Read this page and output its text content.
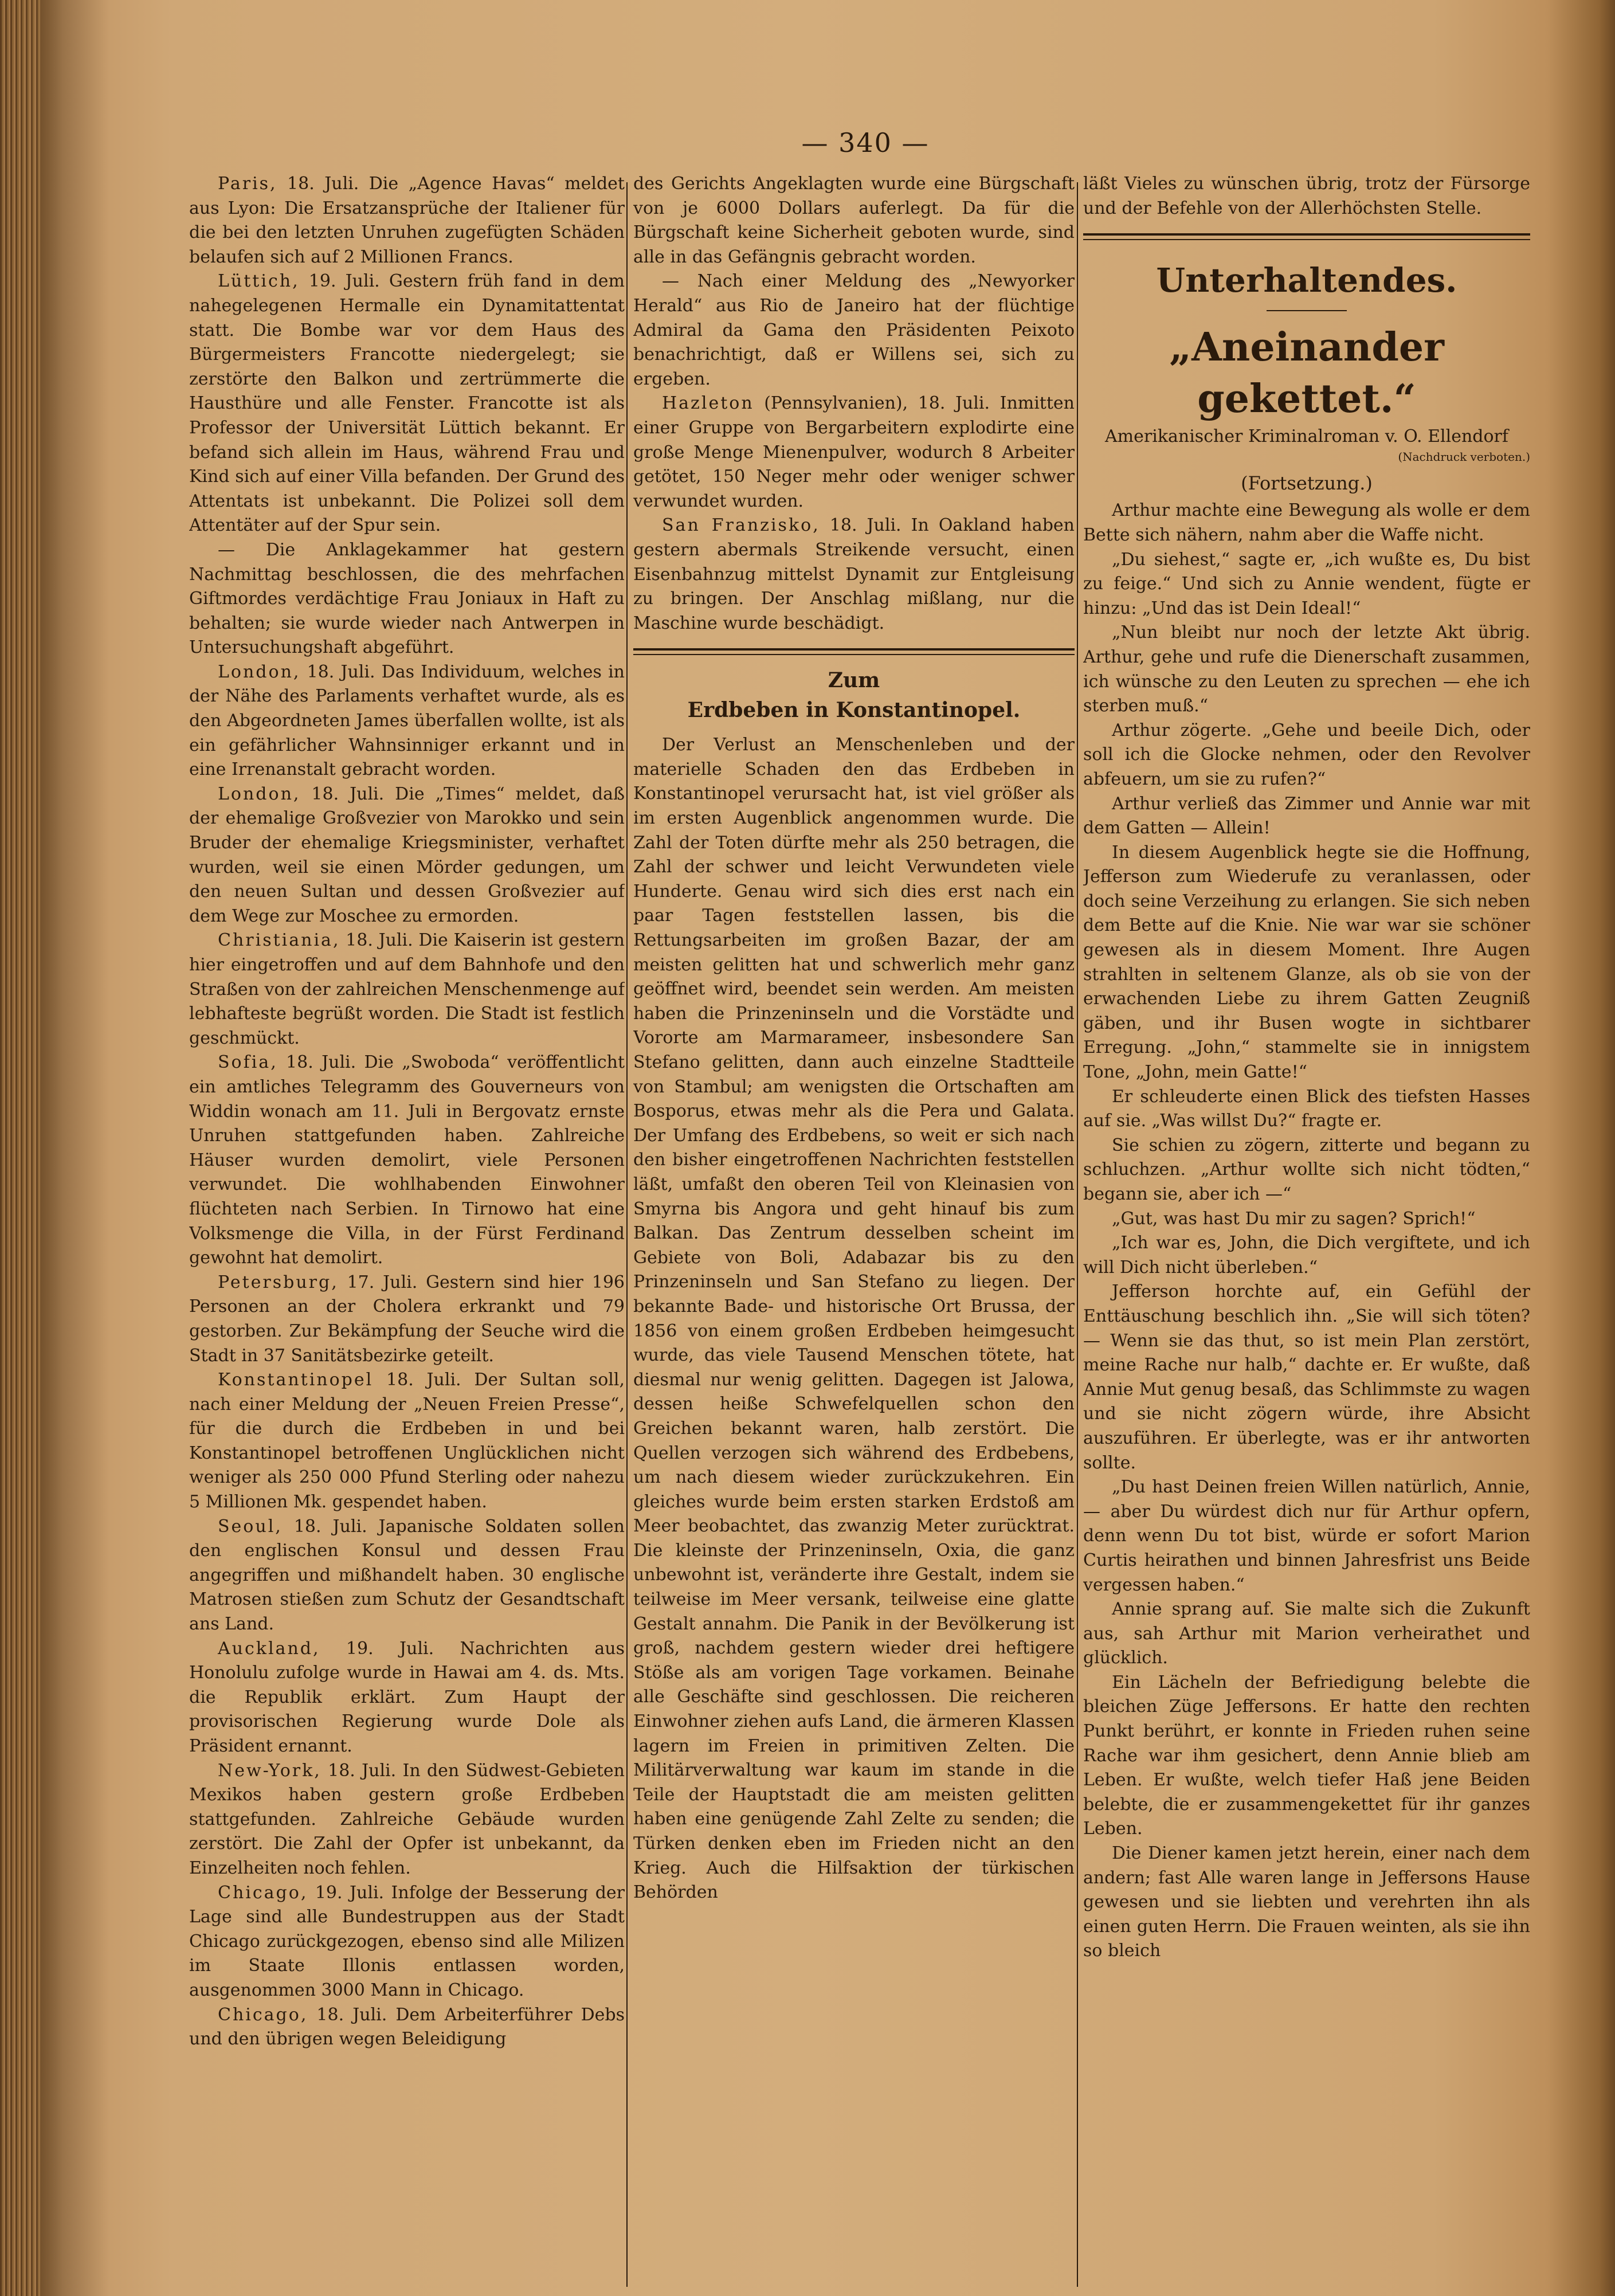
— 340 —

Paris, 18. Juli. Die „Agence Havas“ meldet aus Lyon: Die Ersatzansprüche der Italiener für die bei den letzten Unruhen zugefügten Schäden belaufen sich auf 2 Millionen Francs.

Lüttich, 19. Juli. Gestern früh fand in dem nahegelegenen Hermalle ein Dynamitattentat statt. Die Bombe war vor dem Haus des Bürgermeisters Francotte niedergelegt; sie zerstörte den Balkon und zertrümmerte die Hausthüre und alle Fenster. Francotte ist als Professor der Universität Lüttich bekannt. Er befand sich allein im Haus, während Frau und Kind sich auf einer Villa befanden. Der Grund des Attentats ist unbekannt. Die Polizei soll dem Attentäter auf der Spur sein.

— Die Anklagekammer hat gestern Nachmittag beschlossen, die des mehrfachen Giftmordes verdächtige Frau Joniaux in Haft zu behalten; sie wurde wieder nach Antwerpen in Untersuchungshaft abgeführt.

London, 18. Juli. Das Individuum, welches in der Nähe des Parlaments verhaftet wurde, als es den Abgeordneten James überfallen wollte, ist als ein gefährlicher Wahnsinniger erkannt und in eine Irrenanstalt gebracht worden.

London, 18. Juli. Die „Times“ meldet, daß der ehemalige Großvezier von Marokko und sein Bruder der ehemalige Kriegsminister, verhaftet wurden, weil sie einen Mörder gedungen, um den neuen Sultan und dessen Großvezier auf dem Wege zur Moschee zu ermorden.

Christiania, 18. Juli. Die Kaiserin ist gestern hier eingetroffen und auf dem Bahnhofe und den Straßen von der zahlreichen Menschenmenge auf lebhafteste begrüßt worden. Die Stadt ist festlich geschmückt.

Sofia, 18. Juli. Die „Swoboda“ veröffentlicht ein amtliches Telegramm des Gouverneurs von Widdin wonach am 11. Juli in Bergovatz ernste Unruhen stattgefunden haben. Zahlreiche Häuser wurden demolirt, viele Personen verwundet. Die wohlhabenden Einwohner flüchteten nach Serbien. In Tirnowo hat eine Volksmenge die Villa, in der Fürst Ferdinand gewohnt hat demolirt.

Petersburg, 17. Juli. Gestern sind hier 196 Personen an der Cholera erkrankt und 79 gestorben. Zur Bekämpfung der Seuche wird die Stadt in 37 Sanitätsbezirke geteilt.

Konstantinopel 18. Juli. Der Sultan soll, nach einer Meldung der „Neuen Freien Presse“, für die durch die Erdbeben in und bei Konstantinopel betroffenen Unglücklichen nicht weniger als 250 000 Pfund Sterling oder nahezu 5 Millionen Mk. gespendet haben.

Seoul, 18. Juli. Japanische Soldaten sollen den englischen Konsul und dessen Frau angegriffen und mißhandelt haben. 30 englische Matrosen stießen zum Schutz der Gesandtschaft ans Land.

Auckland, 19. Juli. Nachrichten aus Honolulu zufolge wurde in Hawai am 4. ds. Mts. die Republik erklärt. Zum Haupt der provisorischen Regierung wurde Dole als Präsident ernannt.

New-York, 18. Juli. In den Südwest-Gebieten Mexikos haben gestern große Erdbeben stattgefunden. Zahlreiche Gebäude wurden zerstört. Die Zahl der Opfer ist unbekannt, da Einzelheiten noch fehlen.

Chicago, 19. Juli. Infolge der Besserung der Lage sind alle Bundestruppen aus der Stadt Chicago zurückgezogen, ebenso sind alle Milizen im Staate Illonis entlassen worden, ausgenommen 3000 Mann in Chicago.

Chicago, 18. Juli. Dem Arbeiterführer Debs und den übrigen wegen Beleidigung

des Gerichts Angeklagten wurde eine Bürgschaft von je 6000 Dollars auferlegt. Da für die Bürgschaft keine Sicherheit geboten wurde, sind alle in das Gefängnis gebracht worden.

— Nach einer Meldung des „Newyorker Herald“ aus Rio de Janeiro hat der flüchtige Admiral da Gama den Präsidenten Peixoto benachrichtigt, daß er Willens sei, sich zu ergeben.

Hazleton (Pennsylvanien), 18. Juli. Inmitten einer Gruppe von Bergarbeitern explodirte eine große Menge Mienenpulver, wodurch 8 Arbeiter getötet, 150 Neger mehr oder weniger schwer verwundet wurden.

San Franzisko, 18. Juli. In Oakland haben gestern abermals Streikende versucht, einen Eisenbahnzug mittelst Dynamit zur Entgleisung zu bringen. Der Anschlag mißlang, nur die Maschine wurde beschädigt.

Zum

Erdbeben in Konstantinopel.

Der Verlust an Menschenleben und der materielle Schaden den das Erdbeben in Konstantinopel verursacht hat, ist viel größer als im ersten Augenblick angenommen wurde. Die Zahl der Toten dürfte mehr als 250 betragen, die Zahl der schwer und leicht Verwundeten viele Hunderte. Genau wird sich dies erst nach ein paar Tagen feststellen lassen, bis die Rettungsarbeiten im großen Bazar, der am meisten gelitten hat und schwerlich mehr ganz geöffnet wird, beendet sein werden. Am meisten haben die Prinzeninseln und die Vorstädte und Vororte am Marmarameer, insbesondere San Stefano gelitten, dann auch einzelne Stadtteile von Stambul; am wenigsten die Ortschaften am Bosporus, etwas mehr als die Pera und Galata. Der Umfang des Erdbebens, so weit er sich nach den bisher eingetroffenen Nachrichten feststellen läßt, umfaßt den oberen Teil von Kleinasien von Smyrna bis Angora und geht hinauf bis zum Balkan. Das Zentrum desselben scheint im Gebiete von Boli, Adabazar bis zu den Prinzeninseln und San Stefano zu liegen. Der bekannte Bade- und historische Ort Brussa, der 1856 von einem großen Erdbeben heimgesucht wurde, das viele Tausend Menschen tötete, hat diesmal nur wenig gelitten. Dagegen ist Jalowa, dessen heiße Schwefelquellen schon den Greichen bekannt waren, halb zerstört. Die Quellen verzogen sich während des Erdbebens, um nach diesem wieder zurückzukehren. Ein gleiches wurde beim ersten starken Erdstoß am Meer beobachtet, das zwanzig Meter zurücktrat. Die kleinste der Prinzeninseln, Oxia, die ganz unbewohnt ist, veränderte ihre Gestalt, indem sie teilweise im Meer versank, teilweise eine glatte Gestalt annahm. Die Panik in der Bevölkerung ist groß, nachdem gestern wieder drei heftigere Stöße als am vorigen Tage vorkamen. Beinahe alle Geschäfte sind geschlossen. Die reicheren Einwohner ziehen aufs Land, die ärmeren Klassen lagern im Freien in primitiven Zelten. Die Militärverwaltung war kaum im stande in die Teile der Hauptstadt die am meisten gelitten haben eine genügende Zahl Zelte zu senden; die Türken denken eben im Frieden nicht an den Krieg. Auch die Hilfsaktion der türkischen Behörden

läßt Vieles zu wünschen übrig, trotz der Fürsorge und der Befehle von der Allerhöchsten Stelle.

Unterhaltendes.

„Aneinander gekettet.“

Amerikanischer Kriminalroman v. O. Ellendorf

(Nachdruck verboten.)

(Fortsetzung.)

Arthur machte eine Bewegung als wolle er dem Bette sich nähern, nahm aber die Waffe nicht.

„Du siehest,“ sagte er, „ich wußte es, Du bist zu feige.“ Und sich zu Annie wendent, fügte er hinzu: „Und das ist Dein Ideal!“

„Nun bleibt nur noch der letzte Akt übrig. Arthur, gehe und rufe die Dienerschaft zusammen, ich wünsche zu den Leuten zu sprechen — ehe ich sterben muß.“

Arthur zögerte. „Gehe und beeile Dich, oder soll ich die Glocke nehmen, oder den Revolver abfeuern, um sie zu rufen?“

Arthur verließ das Zimmer und Annie war mit dem Gatten — Allein!

In diesem Augenblick hegte sie die Hoffnung, Jefferson zum Wiederufe zu veranlassen, oder doch seine Verzeihung zu erlangen. Sie sich neben dem Bette auf die Knie. Nie war war sie schöner gewesen als in diesem Moment. Ihre Augen strahlten in seltenem Glanze, als ob sie von der erwachenden Liebe zu ihrem Gatten Zeugniß gäben, und ihr Busen wogte in sichtbarer Erregung. „John,“ stammelte sie in innigstem Tone, „John, mein Gatte!“

Er schleuderte einen Blick des tiefsten Hasses auf sie. „Was willst Du?“ fragte er.

Sie schien zu zögern, zitterte und begann zu schluchzen. „Arthur wollte sich nicht tödten,“ begann sie, aber ich —“

„Gut, was hast Du mir zu sagen? Sprich!“

„Ich war es, John, die Dich vergiftete, und ich will Dich nicht überleben.“

Jefferson horchte auf, ein Gefühl der Enttäuschung beschlich ihn. „Sie will sich töten? — Wenn sie das thut, so ist mein Plan zerstört, meine Rache nur halb,“ dachte er. Er wußte, daß Annie Mut genug besaß, das Schlimmste zu wagen und sie nicht zögern würde, ihre Absicht auszuführen. Er überlegte, was er ihr antworten sollte.

„Du hast Deinen freien Willen natürlich, Annie, — aber Du würdest dich nur für Arthur opfern, denn wenn Du tot bist, würde er sofort Marion Curtis heirathen und binnen Jahresfrist uns Beide vergessen haben.“

Annie sprang auf. Sie malte sich die Zukunft aus, sah Arthur mit Marion verheirathet und glücklich.

Ein Lächeln der Befriedigung belebte die bleichen Züge Jeffersons. Er hatte den rechten Punkt berührt, er konnte in Frieden ruhen seine Rache war ihm gesichert, denn Annie blieb am Leben. Er wußte, welch tiefer Haß jene Beiden belebte, die er zusammengekettet für ihr ganzes Leben.

Die Diener kamen jetzt herein, einer nach dem andern; fast Alle waren lange in Jeffersons Hause gewesen und sie liebten und verehrten ihn als einen guten Herrn. Die Frauen weinten, als sie ihn so bleich
